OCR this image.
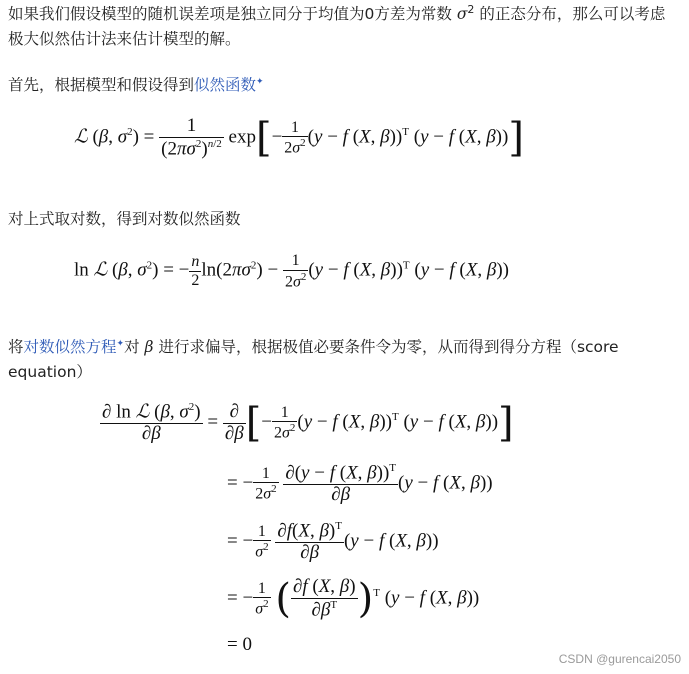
如果我们假设模型的随机误差项是独立同分于均值为0方差为常数 $\sigma^2$ 的正态分布，那么可以考虑
极大似然估计法来估计模型的解。
首先，根据模型和假设得到似然函数✦
ℒ (β, $\sigma^2) = \frac{1}{(2\pi\sigma^2)^{n/2}} \exp[- \frac{1}{2\sigma^2} (y - f$ (X, β))$^T$ (y − f (X, β))]
对上式取对数，得到对数似然函数
ln ℒ (β, $\sigma^2$) = − $\frac{n}{2} \ln(2\pi\sigma^2) - \frac{1}{2\sigma^2} (y - f$ (X, β))$^T$ (y − f (X, β))
将对数似然方程✦对 β 进行求偏导，根据极值必要条件令为零，从而得到得分方程（score
equation）
$\frac{\partial \ln ℒ (\beta, \sigma^2)}{\partial\beta} = \frac{\partial}{\partial\beta}$ [− $\frac{1}{2\sigma^2} (y - f$ (X, β))$^T$ (y − f (X, β))]
= − $\frac{1}{2\sigma^2}$
$\frac{\partial(y - f (X, \beta))^T}{\partial\beta} (y - f$ (X, β))
= − $\frac{1}{\sigma^2}$
$\frac{\partial f(X, \beta)^T}{\partial\beta} (y - f$ (X, β))
= − $\frac{1}{\sigma^2}$ ( $\frac{\partial f (X, \beta)}{\partial\beta^T} )^T$ (y − f (X, β))
= 0
CSDN @gurencai2050
